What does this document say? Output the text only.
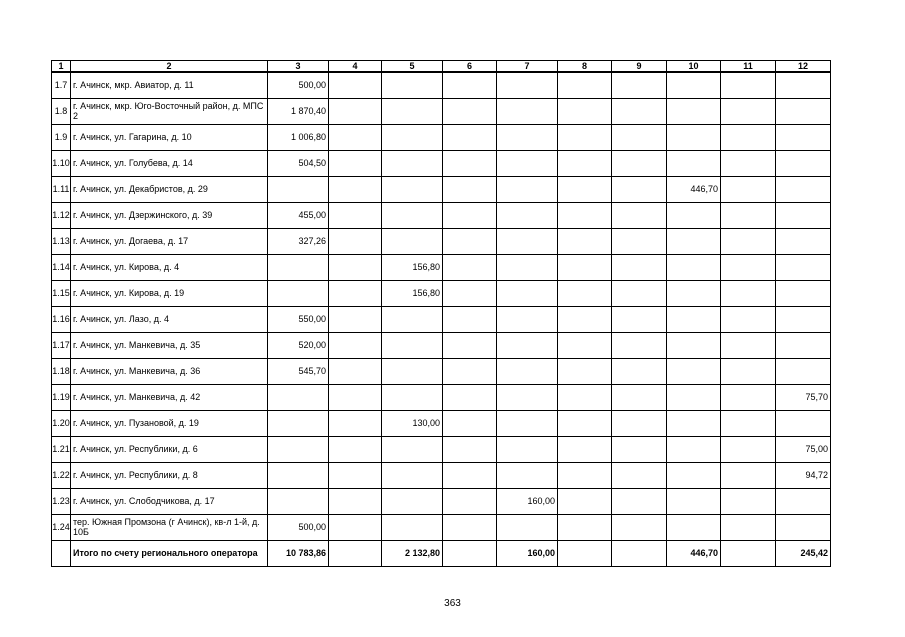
1	2	3	4	5	6	7	8	9	10	11	12
1.7	г. Ачинск, мкр. Авиатор, д. 11	500,00									
1.8	г. Ачинск, мкр. Юго-Восточный район, д. МПС 2	1 870,40									
1.9	г. Ачинск, ул. Гагарина, д. 10	1 006,80									
1.10	г. Ачинск, ул. Голубева, д. 14	504,50									
1.11	г. Ачинск, ул. Декабристов, д. 29								446,70		
1.12	г. Ачинск, ул. Дзержинского, д. 39	455,00									
1.13	г. Ачинск, ул. Догаева, д. 17	327,26									
1.14	г. Ачинск, ул. Кирова, д. 4			156,80							
1.15	г. Ачинск, ул. Кирова, д. 19			156,80							
1.16	г. Ачинск, ул. Лазо, д. 4	550,00									
1.17	г. Ачинск, ул. Манкевича, д. 35	520,00									
1.18	г. Ачинск, ул. Манкевича, д. 36	545,70									
1.19	г. Ачинск, ул. Манкевича, д. 42										75,70
1.20	г. Ачинск, ул. Пузановой, д. 19			130,00							
1.21	г. Ачинск, ул. Республики, д. 6										75,00
1.22	г. Ачинск, ул. Республики, д. 8										94,72
1.23	г. Ачинск, ул. Слободчикова, д. 17					160,00					
1.24	тер. Южная Промзона (г Ачинск), кв-л 1-й, д. 10Б	500,00									
	Итого по счету регионального оператора	10 783,86		2 132,80		160,00			446,70		245,42
363
